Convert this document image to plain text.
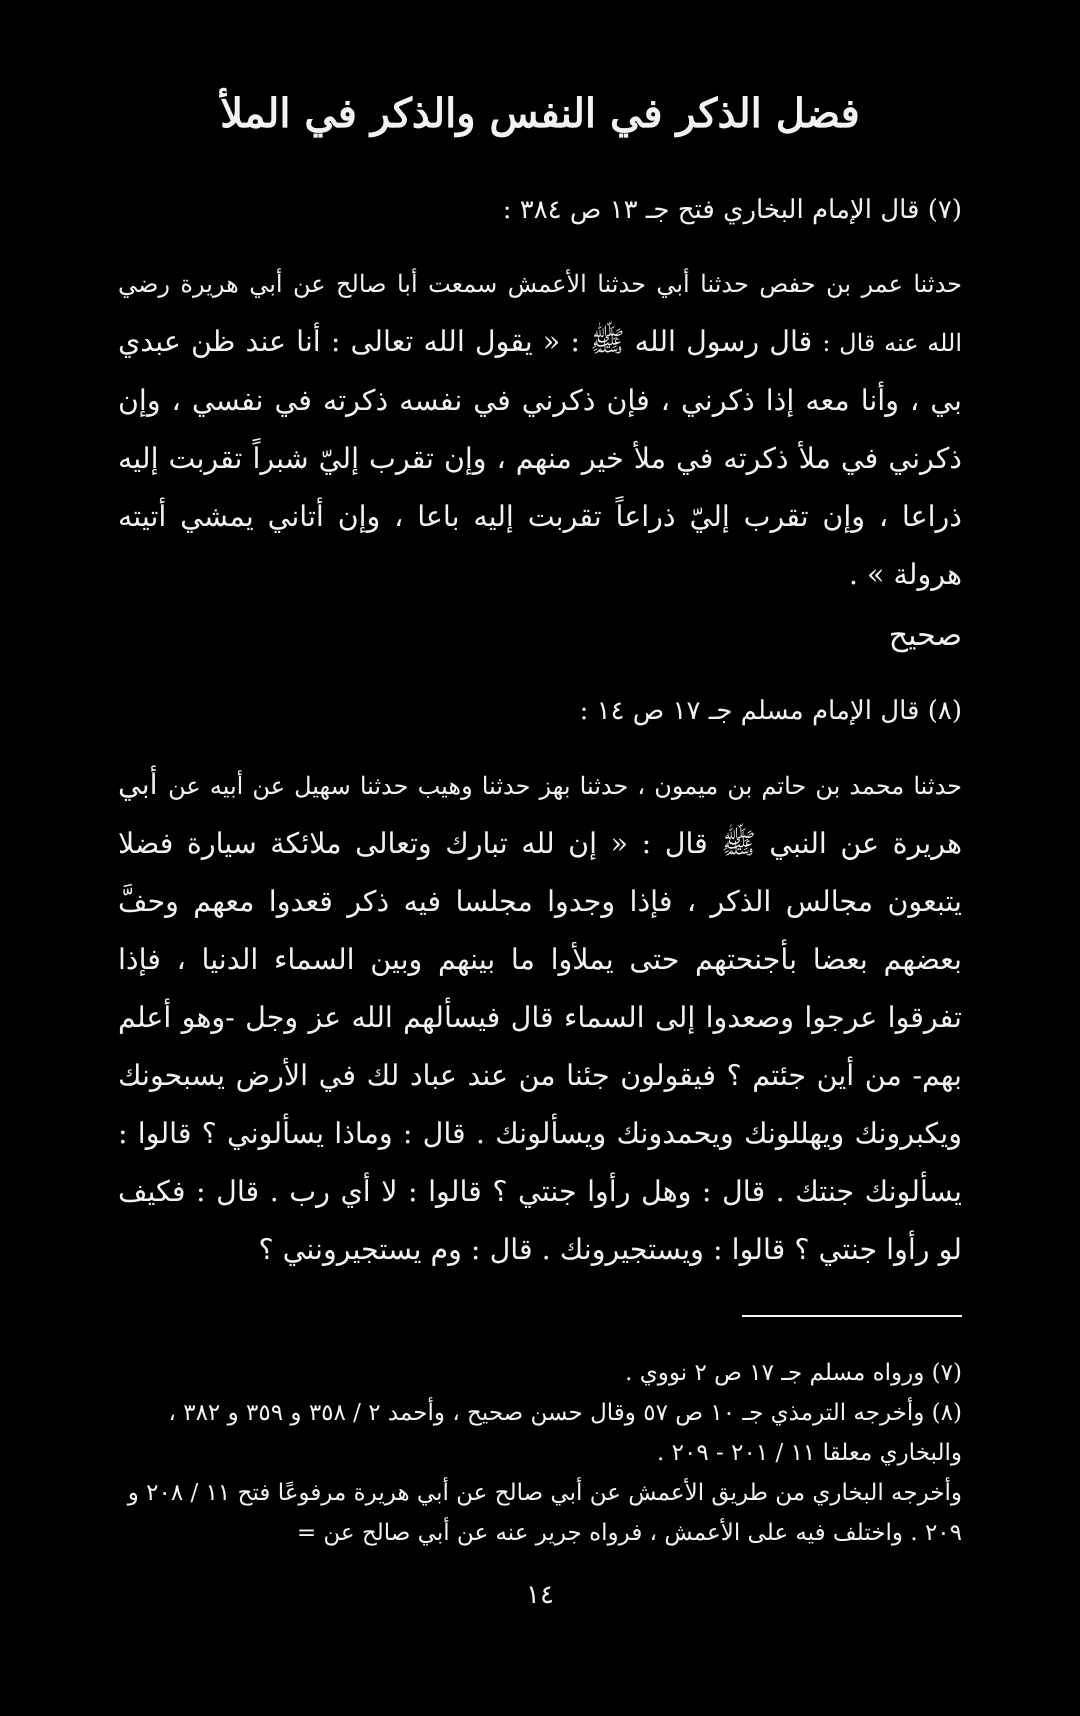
فضل الذكر في النفس والذكر في الملأ
(٧) قال الإمام البخاري فتح جـ ١٣ ص ٣٨٤ :

حدثنا عمر بن حفص حدثنا أبي حدثنا الأعمش سمعت أبا صالح عن أبي هريرة رضي الله عنه قال : قال رسول الله ﷺ : « يقول الله تعالى : أنا عند ظن عبدي بي ، وأنا معه إذا ذكرني ، فإن ذكرني في نفسه ذكرته في نفسي ، وإن ذكرني في ملأ ذكرته في ملأ خير منهم ، وإن تقرب إليّ شبراً تقربت إليه ذراعا ، وإن تقرب إليّ ذراعاً تقربت إليه باعا ، وإن أتاني يمشي أتيته هرولة » .

صحيح
(٨) قال الإمام مسلم جـ ١٧ ص ١٤ :

حدثنا محمد بن حاتم بن ميمون ، حدثنا بهز حدثنا وهيب حدثنا سهيل عن أبيه عن أبي هريرة عن النبي ﷺ قال : « إن لله تبارك وتعالى ملائكة سيارة فضلا يتبعون مجالس الذكر ، فإذا وجدوا مجلسا فيه ذكر قعدوا معهم وحفَّ بعضهم بعضا بأجنحتهم حتى يملأوا ما بينهم وبين السماء الدنيا ، فإذا تفرقوا عرجوا وصعدوا إلى السماء قال فيسألهم الله عز وجل -وهو أعلم بهم- من أين جئتم ؟ فيقولون جئنا من عند عباد لك في الأرض يسبحونك ويكبرونك ويهللونك ويحمدونك ويسألونك . قال : وماذا يسألوني ؟ قالوا : يسألونك جنتك . قال : وهل رأوا جنتي ؟ قالوا : لا أي رب . قال : فكيف لو رأوا جنتي ؟ قالوا : ويستجيرونك . قال : وم يستجيرونني ؟

(٧) ورواه مسلم جـ ١٧ ص ٢ نووي .

(٨) وأخرجه الترمذي جـ ١٠ ص ٥٧ وقال حسن صحيح ، وأحمد ٢ / ٣٥٨ و ٣٥٩ و ٣٨٢ ، والبخاري معلقا ١١ / ٢٠١ - ٢٠٩ .

وأخرجه البخاري من طريق الأعمش عن أبي صالح عن أبي هريرة مرفوعًا فتح ١١ / ٢٠٨ و ٢٠٩ . واختلف فيه على الأعمش ، فرواه جرير عنه عن أبي صالح عن =

١٤
